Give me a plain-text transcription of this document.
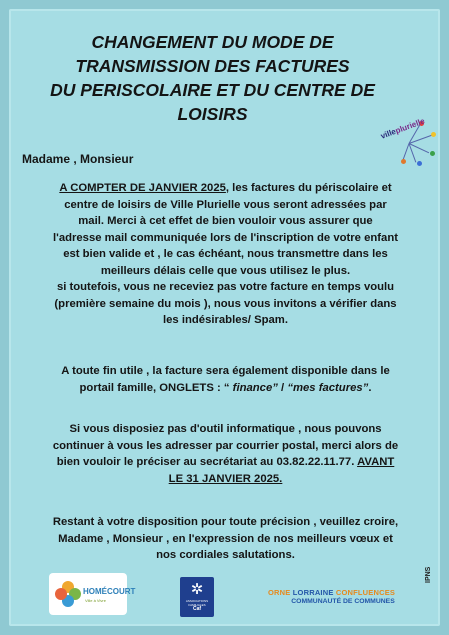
CHANGEMENT DU MODE DE
TRANSMISSION DES FACTURES
DU PERISCOLAIRE ET DU CENTRE DE
LOISIRS
villeplurielle
Madame , Monsieur

A COMPTER DE JANVIER 2025, les factures du périscolaire et

centre de loisirs de Ville Plurielle vous seront adressées par

mail. Merci à cet effet de bien vouloir vous assurer que

l'adresse mail communiquée lors de l'inscription de votre enfant

est bien valide et , le cas échéant, nous transmettre dans les

meilleurs délais celle que vous utilisez le plus.

si toutefois, vous ne receviez pas votre facture en temps voulu

(première semaine du mois ), nous vous invitons a vérifier dans

les indésirables/ Spam.

A toute fin utile , la facture sera également disponible dans le

portail famille, ONGLETS : “ finance” / “mes factures”.

Si vous disposiez pas d'outil informatique , nous pouvons

continuer à vous les adresser par courrier postal, merci alors de

bien vouloir le préciser au secrétariat au 03.82.22.11.77. AVANT

LE 31 JANVIER 2025.

Restant à votre disposition pour toute précision , veuillez croire,

Madame , Monsieur , en l'expression de nos meilleurs vœux et

nos cordiales salutations.

HOMÉCOURT
Ville à Vivre
✲
ASSOCIATIONS FAMILIALES
Caf
ORNE LORRAINE CONFLUENCES
COMMUNAUTÉ DE COMMUNES
IPNS
